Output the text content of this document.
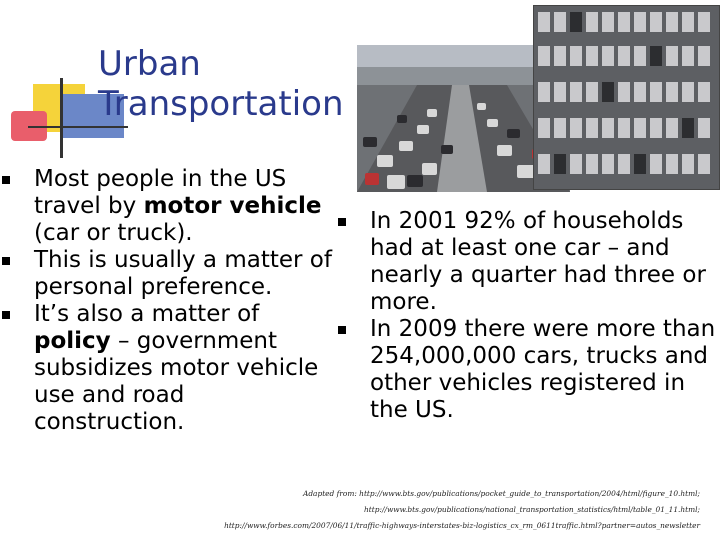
Urban
Transportation
Most people in the US travel by motor vehicle (car or truck).
This is usually a matter of personal preference.
It’s also a matter of policy – government subsidizes motor vehicle use and road construction.
In 2001 92% of households had at least one car – and nearly a quarter had three or more.
In 2009 there were more than 254,000,000 cars, trucks and other vehicles registered in the US.
Adapted from: http://www.bts.gov/publications/pocket_guide_to_transportation/2004/html/figure_10.html;
http://www.bts.gov/publications/national_transportation_statistics/html/table_01_11.html;
http://www.forbes.com/2007/06/11/traffic-highways-interstates-biz-logistics_cx_rm_0611traffic.html?partner=autos_newsletter
